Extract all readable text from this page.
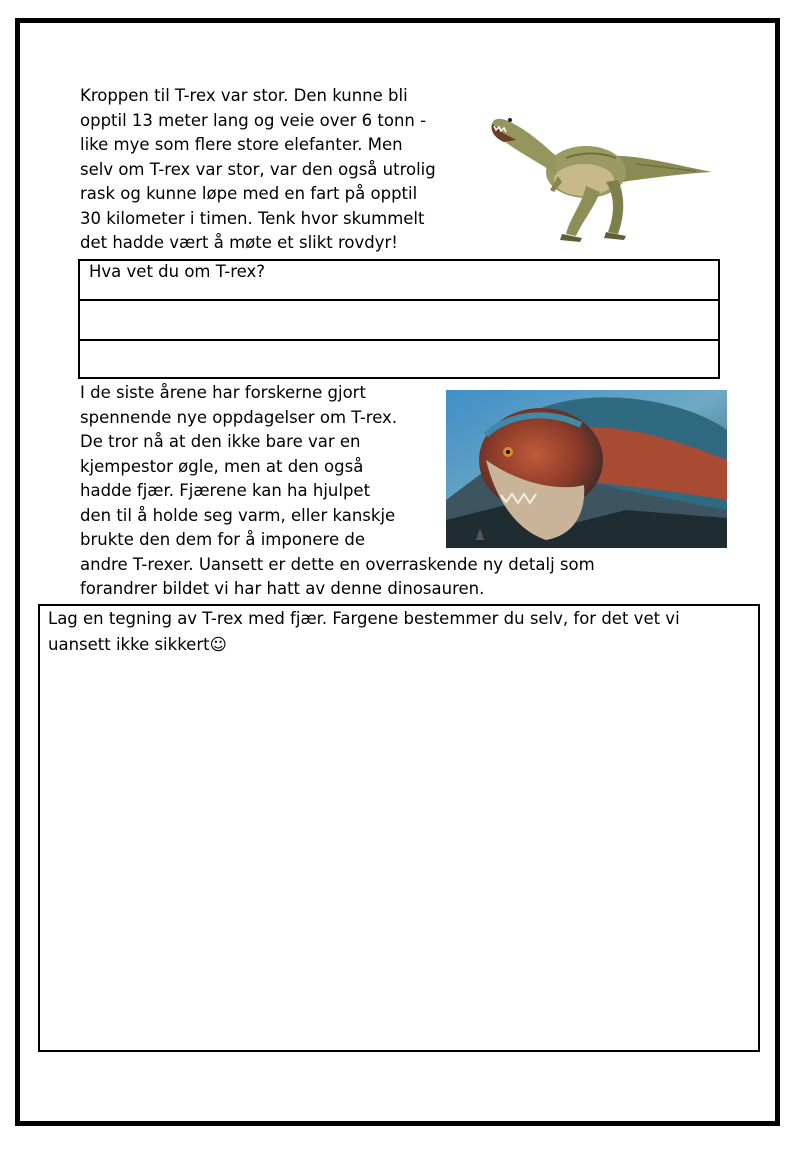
Kroppen til T-rex var stor. Den kunne bli
opptil 13 meter lang og veie over 6 tonn -
like mye som flere store elefanter. Men
selv om T-rex var stor, var den også utrolig
rask og kunne løpe med en fart på opptil
30 kilometer i timen. Tenk hvor skummelt
det hadde vært å møte et slikt rovdyr!
Hva vet du om T-rex?
I de siste årene har forskerne gjort
spennende nye oppdagelser om T-rex.
De tror nå at den ikke bare var en
kjempestor øgle, men at den også
hadde fjær. Fjærene kan ha hjulpet
den til å holde seg varm, eller kanskje
brukte den dem for å imponere de
andre T-rexer. Uansett er dette en overraskende ny detalj som
forandrer bildet vi har hatt av denne dinosauren.

Lag en tegning av T-rex med fjær. Fargene bestemmer du selv, for det vet vi
uansett ikke sikkert☺
